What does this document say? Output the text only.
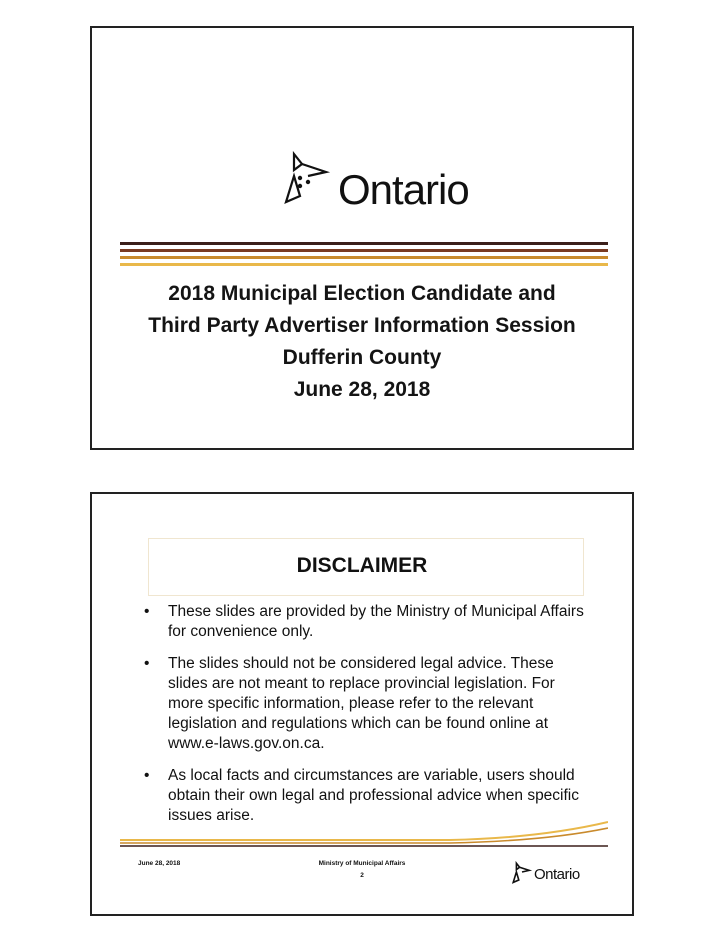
Ontario
2018 Municipal Election Candidate and
Third Party Advertiser Information Session
Dufferin County
June 28, 2018
DISCLAIMER
• These slides are provided by the Ministry of Municipal Affairs for convenience only.
• The slides should not be considered legal advice. These slides are not meant to replace provincial legislation. For more specific information, please refer to the relevant legislation and regulations which can be found online at www.e-laws.gov.on.ca.
• As local facts and circumstances are variable, users should obtain their own legal and professional advice when specific issues arise.
June 28, 2018	Ministry of Municipal Affairs
2	Ontario
